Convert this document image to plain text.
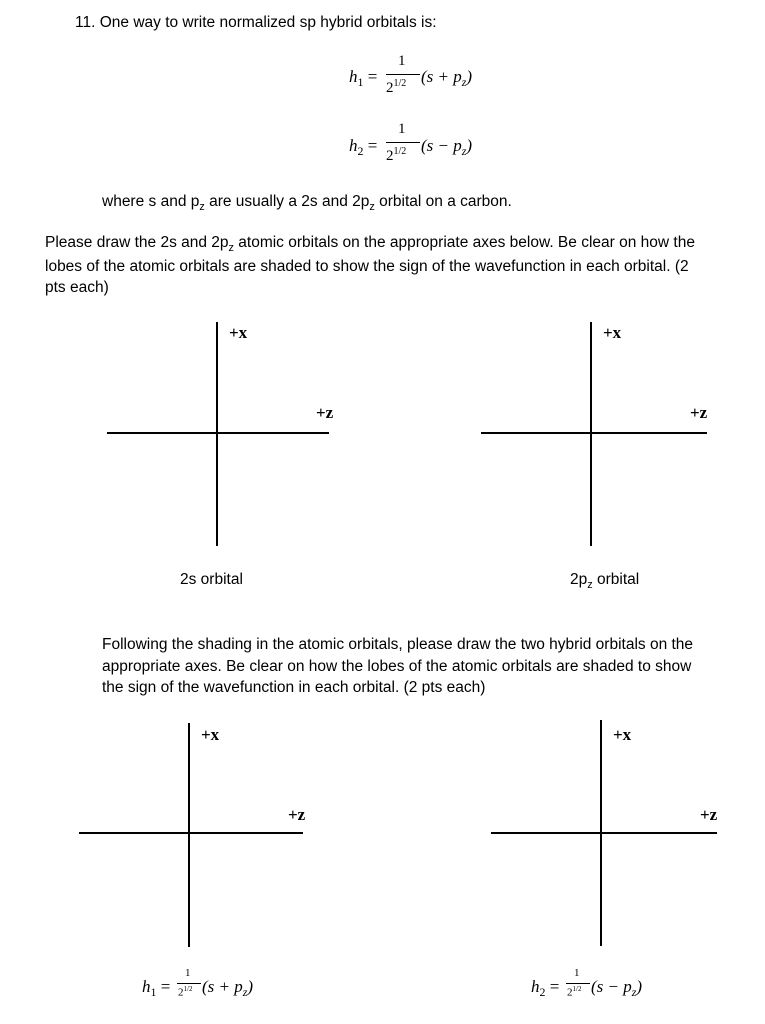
11. One way to write normalized sp hybrid orbitals is:
$h_1$ =
1
$2^{1/2}$ $(s + p_z)$
$h_2$ =
1
$2^{1/2}$ $(s - p_z)$
where s and $p_z$ are usually a 2s and $2p_z$ orbital on a carbon.
Please draw the 2s and $2p_z$ atomic orbitals on the appropriate axes below. Be clear on how the
lobes of the atomic orbitals are shaded to show the sign of the wavefunction in each orbital. (2
pts each)
+x
+z
2s orbital
+x
+z
$2p_z$ orbital
Following the shading in the atomic orbitals, please draw the two hybrid orbitals on the
appropriate axes. Be clear on how the lobes of the atomic orbitals are shaded to show
the sign of the wavefunction in each orbital. (2 pts each)
+x
+z
+x
+z
$h_1$ =
1
$2^{1/2}$ $(s + p_z)$	$h_2$ =
1
$2^{1/2}$ $(s - p_z)$
